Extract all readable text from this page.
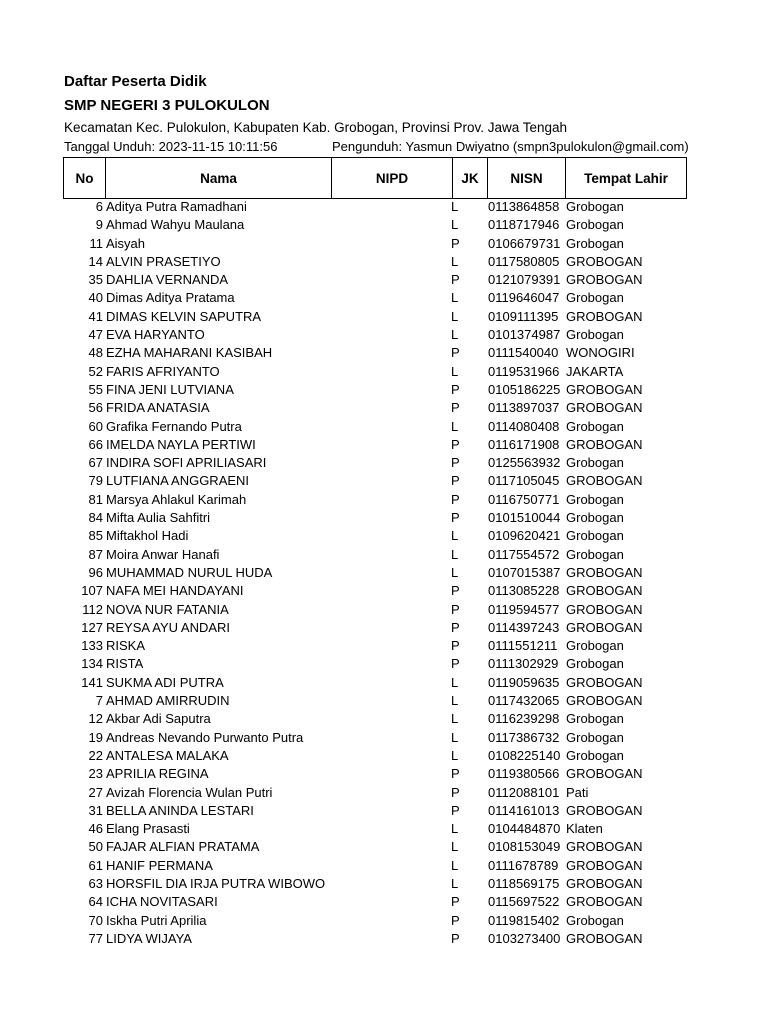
Daftar Peserta Didik
SMP NEGERI 3 PULOKULON
Kecamatan Kec. Pulokulon, Kabupaten Kab. Grobogan, Provinsi Prov. Jawa Tengah
Tanggal Unduh: 2023-11-15 10:11:56	Pengunduh: Yasmun Dwiyatno (smpn3pulokulon@gmail.com)
No	Nama	NIPD	JK	NISN	Tempat Lahir
6 Aditya Putra Ramadhani	L 0113864858 Grobogan
9 Ahmad Wahyu Maulana	L 0118717946 Grobogan
11 Aisyah	P 0106679731 Grobogan
14 ALVIN PRASETIYO	L 0117580805 GROBOGAN
35 DAHLIA VERNANDA	P 0121079391 GROBOGAN
40 Dimas Aditya Pratama	L 0119646047 Grobogan
41 DIMAS KELVIN SAPUTRA	L 0109111395 GROBOGAN
47 EVA HARYANTO	L 0101374987 Grobogan
48 EZHA MAHARANI KASIBAH	P 0111540040 WONOGIRI
52 FARIS AFRIYANTO	L 0119531966 JAKARTA
55 FINA JENI LUTVIANA	P 0105186225 GROBOGAN
56 FRIDA ANATASIA	P 0113897037 GROBOGAN
60 Grafika Fernando Putra	L 0114080408 Grobogan
66 IMELDA NAYLA PERTIWI	P 0116171908 GROBOGAN
67 INDIRA SOFI APRILIASARI	P 0125563932 Grobogan
79 LUTFIANA ANGGRAENI	P 0117105045 GROBOGAN
81 Marsya Ahlakul Karimah	P 0116750771 Grobogan
84 Mifta Aulia Sahfitri	P 0101510044 Grobogan
85 Miftakhol Hadi	L 0109620421 Grobogan
87 Moira Anwar Hanafi	L 0117554572 Grobogan
96 MUHAMMAD NURUL HUDA	L 0107015387 GROBOGAN
107 NAFA MEI HANDAYANI	P 0113085228 GROBOGAN
112 NOVA NUR FATANIA	P 0119594577 GROBOGAN
127 REYSA AYU ANDARI	P 0114397243 GROBOGAN
133 RISKA	P 0111551211 Grobogan
134 RISTA	P 0111302929 Grobogan
141 SUKMA ADI PUTRA	L 0119059635 GROBOGAN
7 AHMAD AMIRRUDIN	L 0117432065 GROBOGAN
12 Akbar Adi Saputra	L 0116239298 Grobogan
19 Andreas Nevando Purwanto Putra	L 0117386732 Grobogan
22 ANTALESA MALAKA	L 0108225140 Grobogan
23 APRILIA REGINA	P 0119380566 GROBOGAN
27 Avizah Florencia Wulan Putri	P 0112088101 Pati
31 BELLA ANINDA LESTARI	P 0114161013 GROBOGAN
46 Elang Prasasti	L 0104484870 Klaten
50 FAJAR ALFIAN PRATAMA	L 0108153049 GROBOGAN
61 HANIF PERMANA	L 0111678789 GROBOGAN
63 HORSFIL DIA IRJA PUTRA WIBOWO	L 0118569175 GROBOGAN
64 ICHA NOVITASARI	P 0115697522 GROBOGAN
70 Iskha Putri Aprilia	P 0119815402 Grobogan
77 LIDYA WIJAYA	P 0103273400 GROBOGAN
